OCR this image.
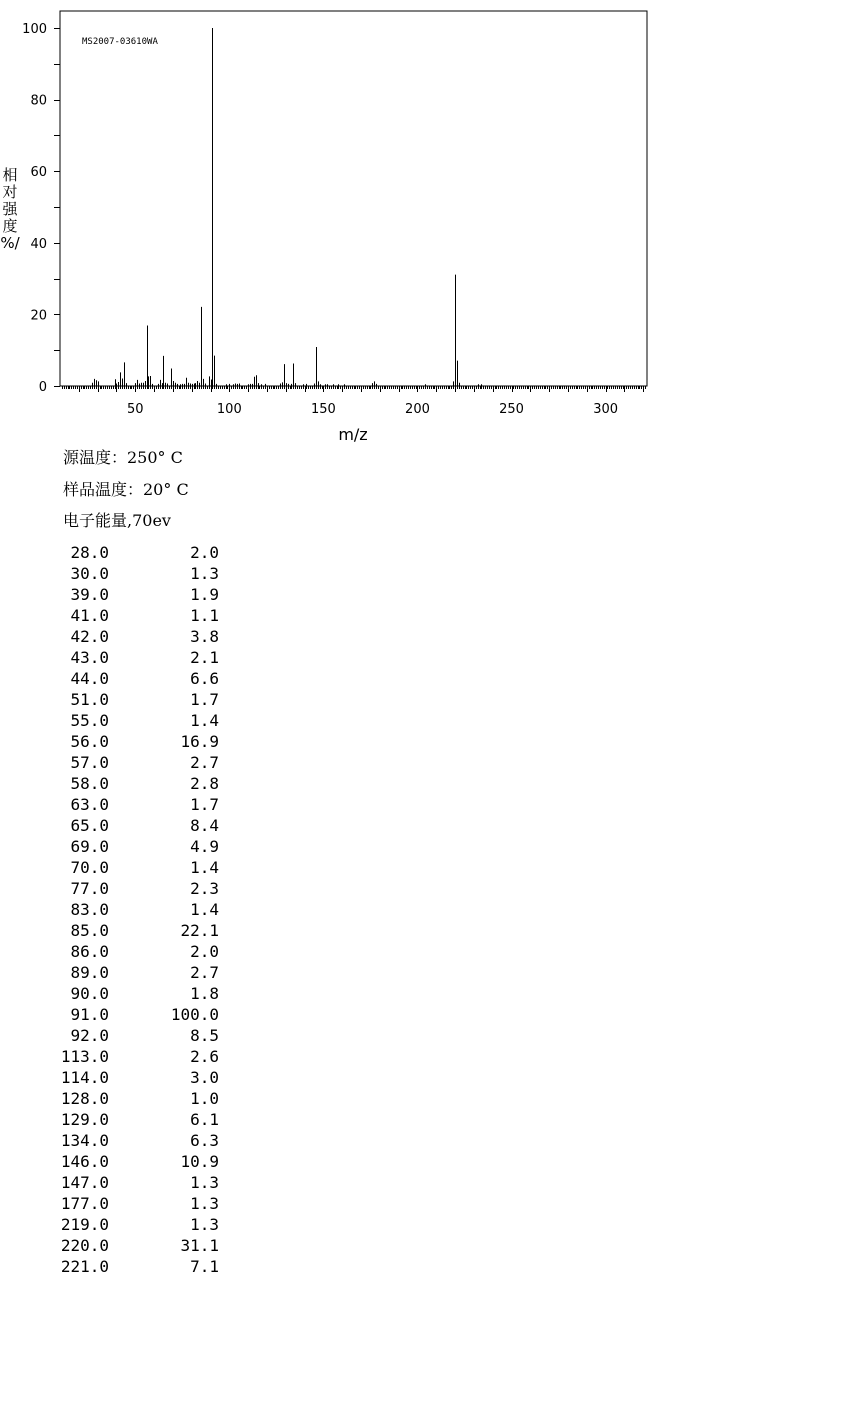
50	100	150	200	250	300
0
20
40
60
80
100
MS2007-03610WA
m/z
相
对
强
度
%/
源温度：250° C
样品温度：20° C
电子能量,70ev
28.0	2.0
30.0	1.3
39.0	1.9
41.0	1.1
42.0	3.8
43.0	2.1
44.0	6.6
51.0	1.7
55.0	1.4
56.0	16.9
57.0	2.7
58.0	2.8
63.0	1.7
65.0	8.4
69.0	4.9
70.0	1.4
77.0	2.3
83.0	1.4
85.0	22.1
86.0	2.0
89.0	2.7
90.0	1.8
91.0	100.0
92.0	8.5
113.0	2.6
114.0	3.0
128.0	1.0
129.0	6.1
134.0	6.3
146.0	10.9
147.0	1.3
177.0	1.3
219.0	1.3
220.0	31.1
221.0	7.1
